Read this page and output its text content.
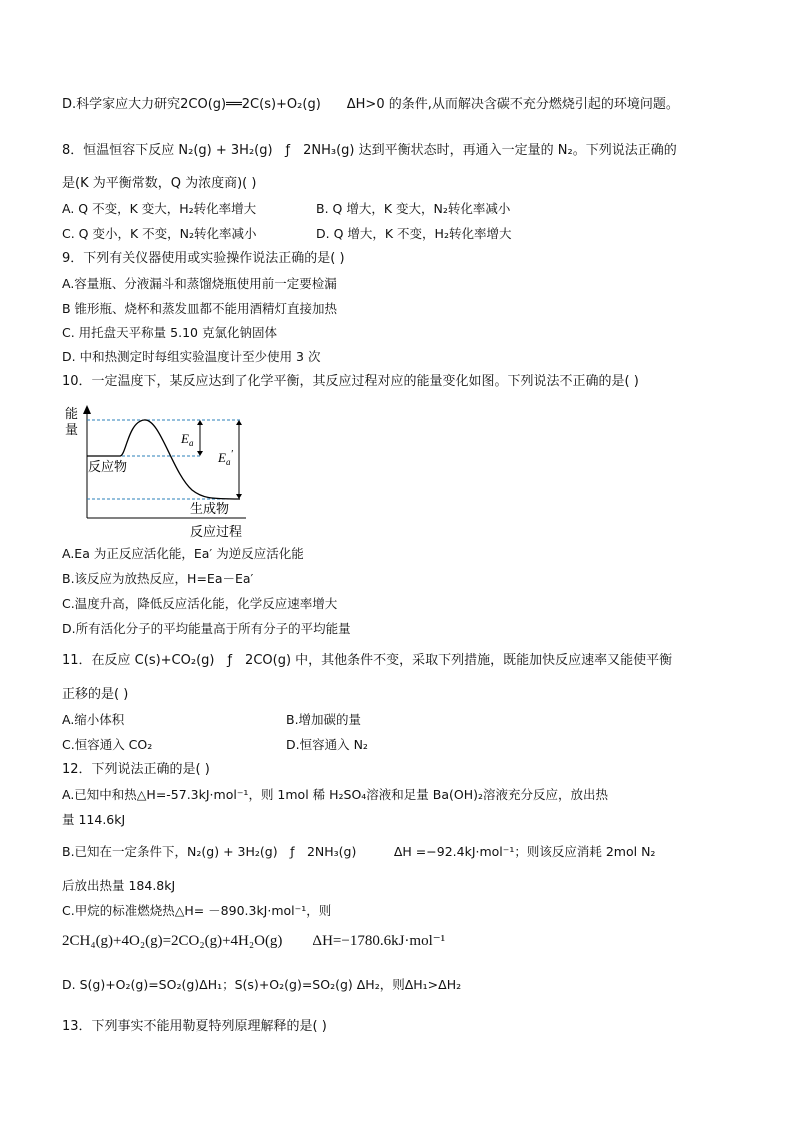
D.科学家应大力研究2CO(g)══2C(s)+O₂(g)　　ΔH>0 的条件,从而解决含碳不充分燃烧引起的环境问题。
8．恒温恒容下反应 N₂(g) + 3H₂(g)　ƒ　2NH₃(g) 达到平衡状态时，再通入一定量的 N₂。下列说法正确的
是(K 为平衡常数，Q 为浓度商)( )
A. Q 不变，K 变大，H₂转化率增大	B. Q 增大，K 变大，N₂转化率减小
C. Q 变小，K 不变，N₂转化率减小	D. Q 增大，K 不变，H₂转化率增大
9．下列有关仪器使用或实验操作说法正确的是( )
A.容量瓶、分液漏斗和蒸馏烧瓶使用前一定要检漏
B 锥形瓶、烧杯和蒸发皿都不能用酒精灯直接加热
C. 用托盘天平称量 5.10 克氯化钠固体
D. 中和热测定时每组实验温度计至少使用 3 次
10．一定温度下，某反应达到了化学平衡，其反应过程对应的能量变化如图。下列说法不正确的是( )
能
量
$E_a$
$E_a'$
反应物
生成物
反应过程
A.Ea 为正反应活化能，Ea′ 为逆反应活化能
B.该反应为放热反应，H=Ea－Ea′
C.温度升高，降低反应活化能，化学反应速率增大
D.所有活化分子的平均能量高于所有分子的平均能量
11．在反应 C(s)+CO₂(g)　ƒ　2CO(g) 中，其他条件不变，采取下列措施，既能加快反应速率又能使平衡
正移的是( )
A.缩小体积	B.增加碳的量
C.恒容通入 CO₂	D.恒容通入 N₂
12．下列说法正确的是( )
A.已知中和热△H=-57.3kJ·mol⁻¹，则 1mol 稀 H₂SO₄溶液和足量 Ba(OH)₂溶液充分反应，放出热
量 114.6kJ
B.已知在一定条件下，N₂(g) + 3H₂(g)　ƒ　2NH₃(g)　　　ΔH =−92.4kJ·mol⁻¹；则该反应消耗 2mol N₂
后放出热量 184.8kJ
C.甲烷的标准燃烧热△H= －890.3kJ·mol⁻¹，则
2CH₄(g)+4O₂(g)=2CO₂(g)+4H₂O(g)　　ΔH=−1780.6kJ·mol⁻¹
D. S(g)+O₂(g)=SO₂(g)ΔH₁；S(s)+O₂(g)=SO₂(g) ΔH₂，则ΔH₁>ΔH₂
13．下列事实不能用勒夏特列原理解释的是( )
